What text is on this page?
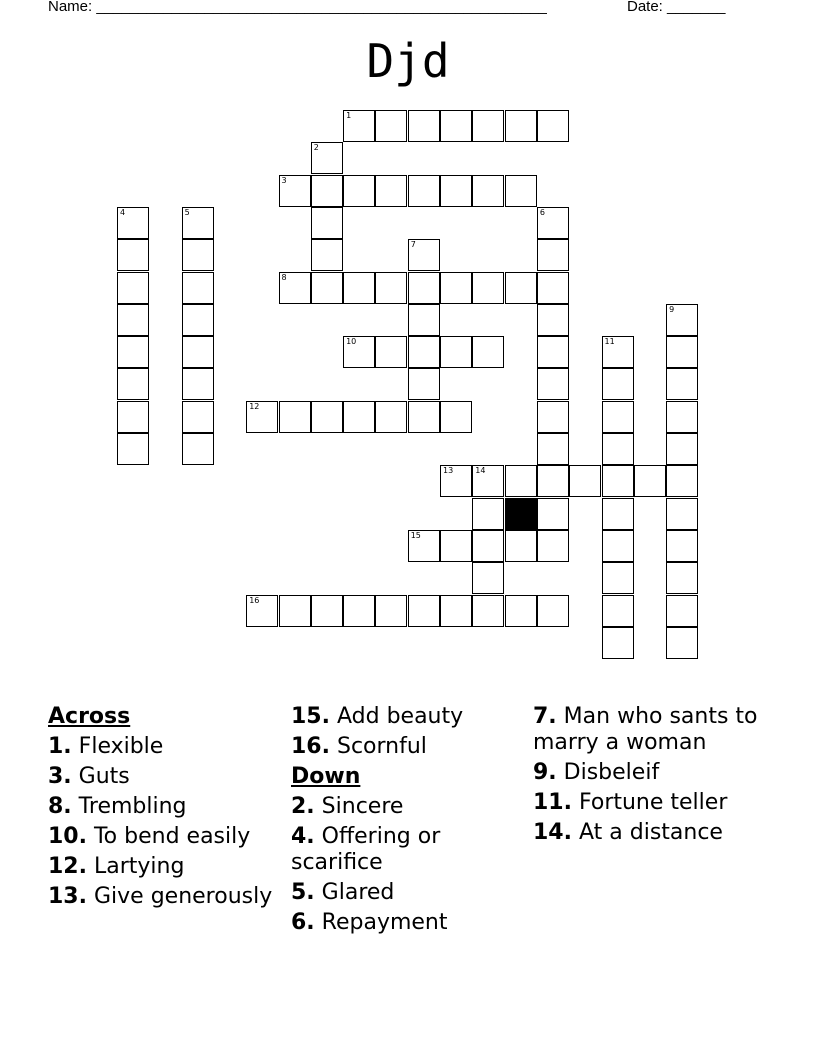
Name: ______________________________________________________	Date: _______
Djd
1
2
3
4	5	6
7
8
9
10	11
12
13	14
15
16
Across
1. Flexible
3. Guts
8. Trembling
10. To bend easily
12. Lartying
13. Give generously
15. Add beauty
16. Scornful
Down
2. Sincere
4. Offering or scarifice
5. Glared
6. Repayment
7. Man who sants to marry a woman
9. Disbeleif
11. Fortune teller
14. At a distance
